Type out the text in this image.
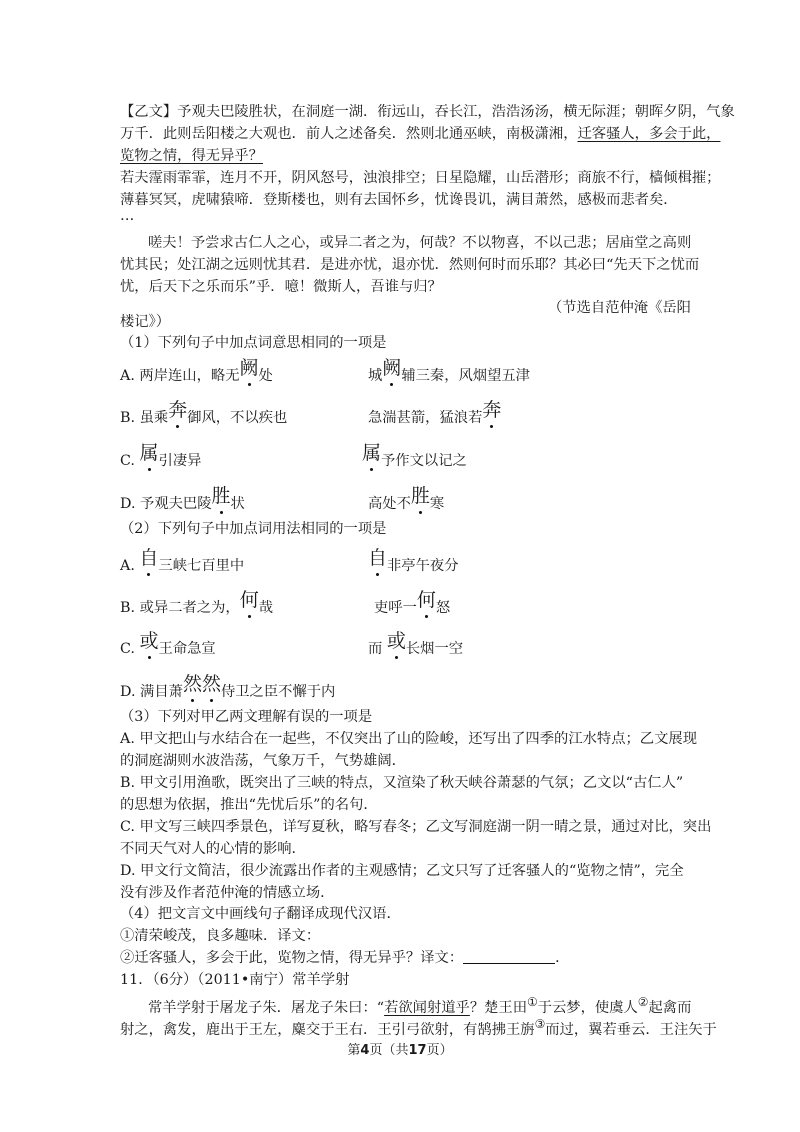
【乙文】予观夫巴陵胜状，在洞庭一湖．衔远山，吞长江，浩浩汤汤，横无际涯；朝晖夕阴，气象
万千．此则岳阳楼之大观也．前人之述备矣．然则北通巫峡，南极潇湘，迁客骚人，多会于此，
览物之情，得无异乎？
若夫霪雨霏霏，连月不开，阴风怒号，浊浪排空；日星隐耀，山岳潜形；商旅不行，樯倾楫摧；
薄暮冥冥，虎啸猿啼．登斯楼也，则有去国怀乡，忧谗畏讥，满目萧然，感极而悲者矣．
…
嗟夫！予尝求古仁人之心，或异二者之为，何哉？不以物喜，不以己悲；居庙堂之高则
忧其民；处江湖之远则忧其君．是进亦忧，退亦忧．然则何时而乐耶？其必曰“先天下之忧而
忧，后天下之乐而乐”乎．噫！微斯人，吾谁与归？
（节选自范仲淹《岳阳
楼记》）
（1）下列句子中加点词意思相同的一项是
A. 两岸连山，略无阙处	城阙辅三秦，风烟望五津
B. 虽乘奔御风，不以疾也	急湍甚箭，猛浪若奔
C. 属引凄异	属予作文以记之
D. 予观夫巴陵胜状	高处不胜寒
（2）下列句子中加点词用法相同的一项是
A. 自三峡七百里中	自非亭午夜分
B. 或异二者之为，何哉	吏呼一何怒
C. 或王命急宣	而 或长烟一空
D. 满目萧然然侍卫之臣不懈于内
（3）下列对甲乙两文理解有误的一项是
A. 甲文把山与水结合在一起些，不仅突出了山的险峻，还写出了四季的江水特点；乙文展现
的洞庭湖则水波浩荡，气象万千，气势雄阔．
B. 甲文引用渔歌，既突出了三峡的特点，又渲染了秋天峡谷萧瑟的气氛；乙文以“古仁人”
的思想为依据，推出“先忧后乐”的名句．
C. 甲文写三峡四季景色，详写夏秋，略写春冬；乙文写洞庭湖一阴一晴之景，通过对比，突出
不同天气对人的心情的影响．
D. 甲文行文简洁，很少流露出作者的主观感情；乙文只写了迁客骚人的“览物之情”，完全
没有涉及作者范仲淹的情感立场．
（4）把文言文中画线句子翻译成现代汉语．
①清荣峻茂，良多趣味．译文：
②迁客骚人，多会于此，览物之情，得无异乎？译文：	．
11．（6分）（2011•南宁）常羊学射
常羊学射于屠龙子朱．屠龙子朱曰：“若欲闻射道乎？楚王田①于云梦，使虞人②起禽而
射之，禽发，鹿出于王左，麋交于王右．王引弓欲射，有鹄拂王旃③而过，翼若垂云．王注矢于
第4页（共17页）
